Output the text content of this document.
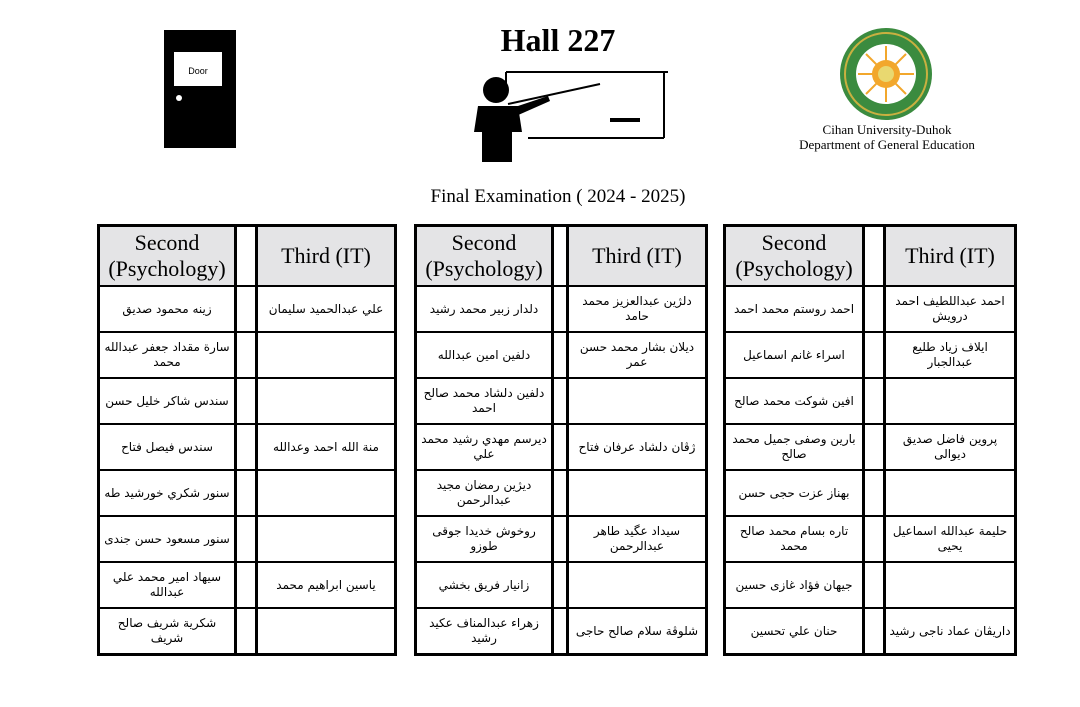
Door
Hall 227
Cihan University-Duhok
Department of General Education
Final Examination ( 2024 - 2025)
Second (Psychology)		Third (IT)
زينه محمود صديق		علي عبدالحميد سليمان
سارة مقداد جعفر عبدالله محمد		
سندس شاكر خليل حسن		
سندس فيصل فتاح		منة الله احمد وعدالله
سنور شكري خورشيد طه		
سنور مسعود حسن جندى		
سيهاد امير محمد علي عبدالله		ياسين ابراهيم محمد
شكرية شريف صالح شريف		
Second (Psychology)		Third (IT)
دلدار زبير محمد رشيد		دلژين عبدالعزيز محمد حامد
دلفين امين عبدالله		ديلان بشار محمد حسن عمر
دلفين دلشاد محمد صالح احمد		
ديرسم مهدي رشيد محمد علي		ژڤان دلشاد عرفان فتاح
ديژين رمضان مجيد عبدالرحمن		
روخوش خديدا جوقى طوزو		سيداد عگيد طاهر عبدالرحمن
زانيار فريق بخشي		
زهراء عبدالمناف عكيد رشيد		شلوڤة سلام صالح حاجى
Second (Psychology)		Third (IT)
احمد روستم محمد احمد		احمد عبداللطيف احمد درويش
اسراء غانم اسماعيل		ايلاف زياد طليع عبدالجبار
افين شوكت محمد صالح		
بارين وصفى جميل محمد صالح		پروين فاضل صديق ديوالى
بهناز عزت حجى حسن		
تاره بسام محمد صالح محمد		حليمة عبدالله اسماعيل يحيى
جيهان فؤاد غازى حسين		
حنان علي تحسين		داريڤان عماد ناجى رشيد
